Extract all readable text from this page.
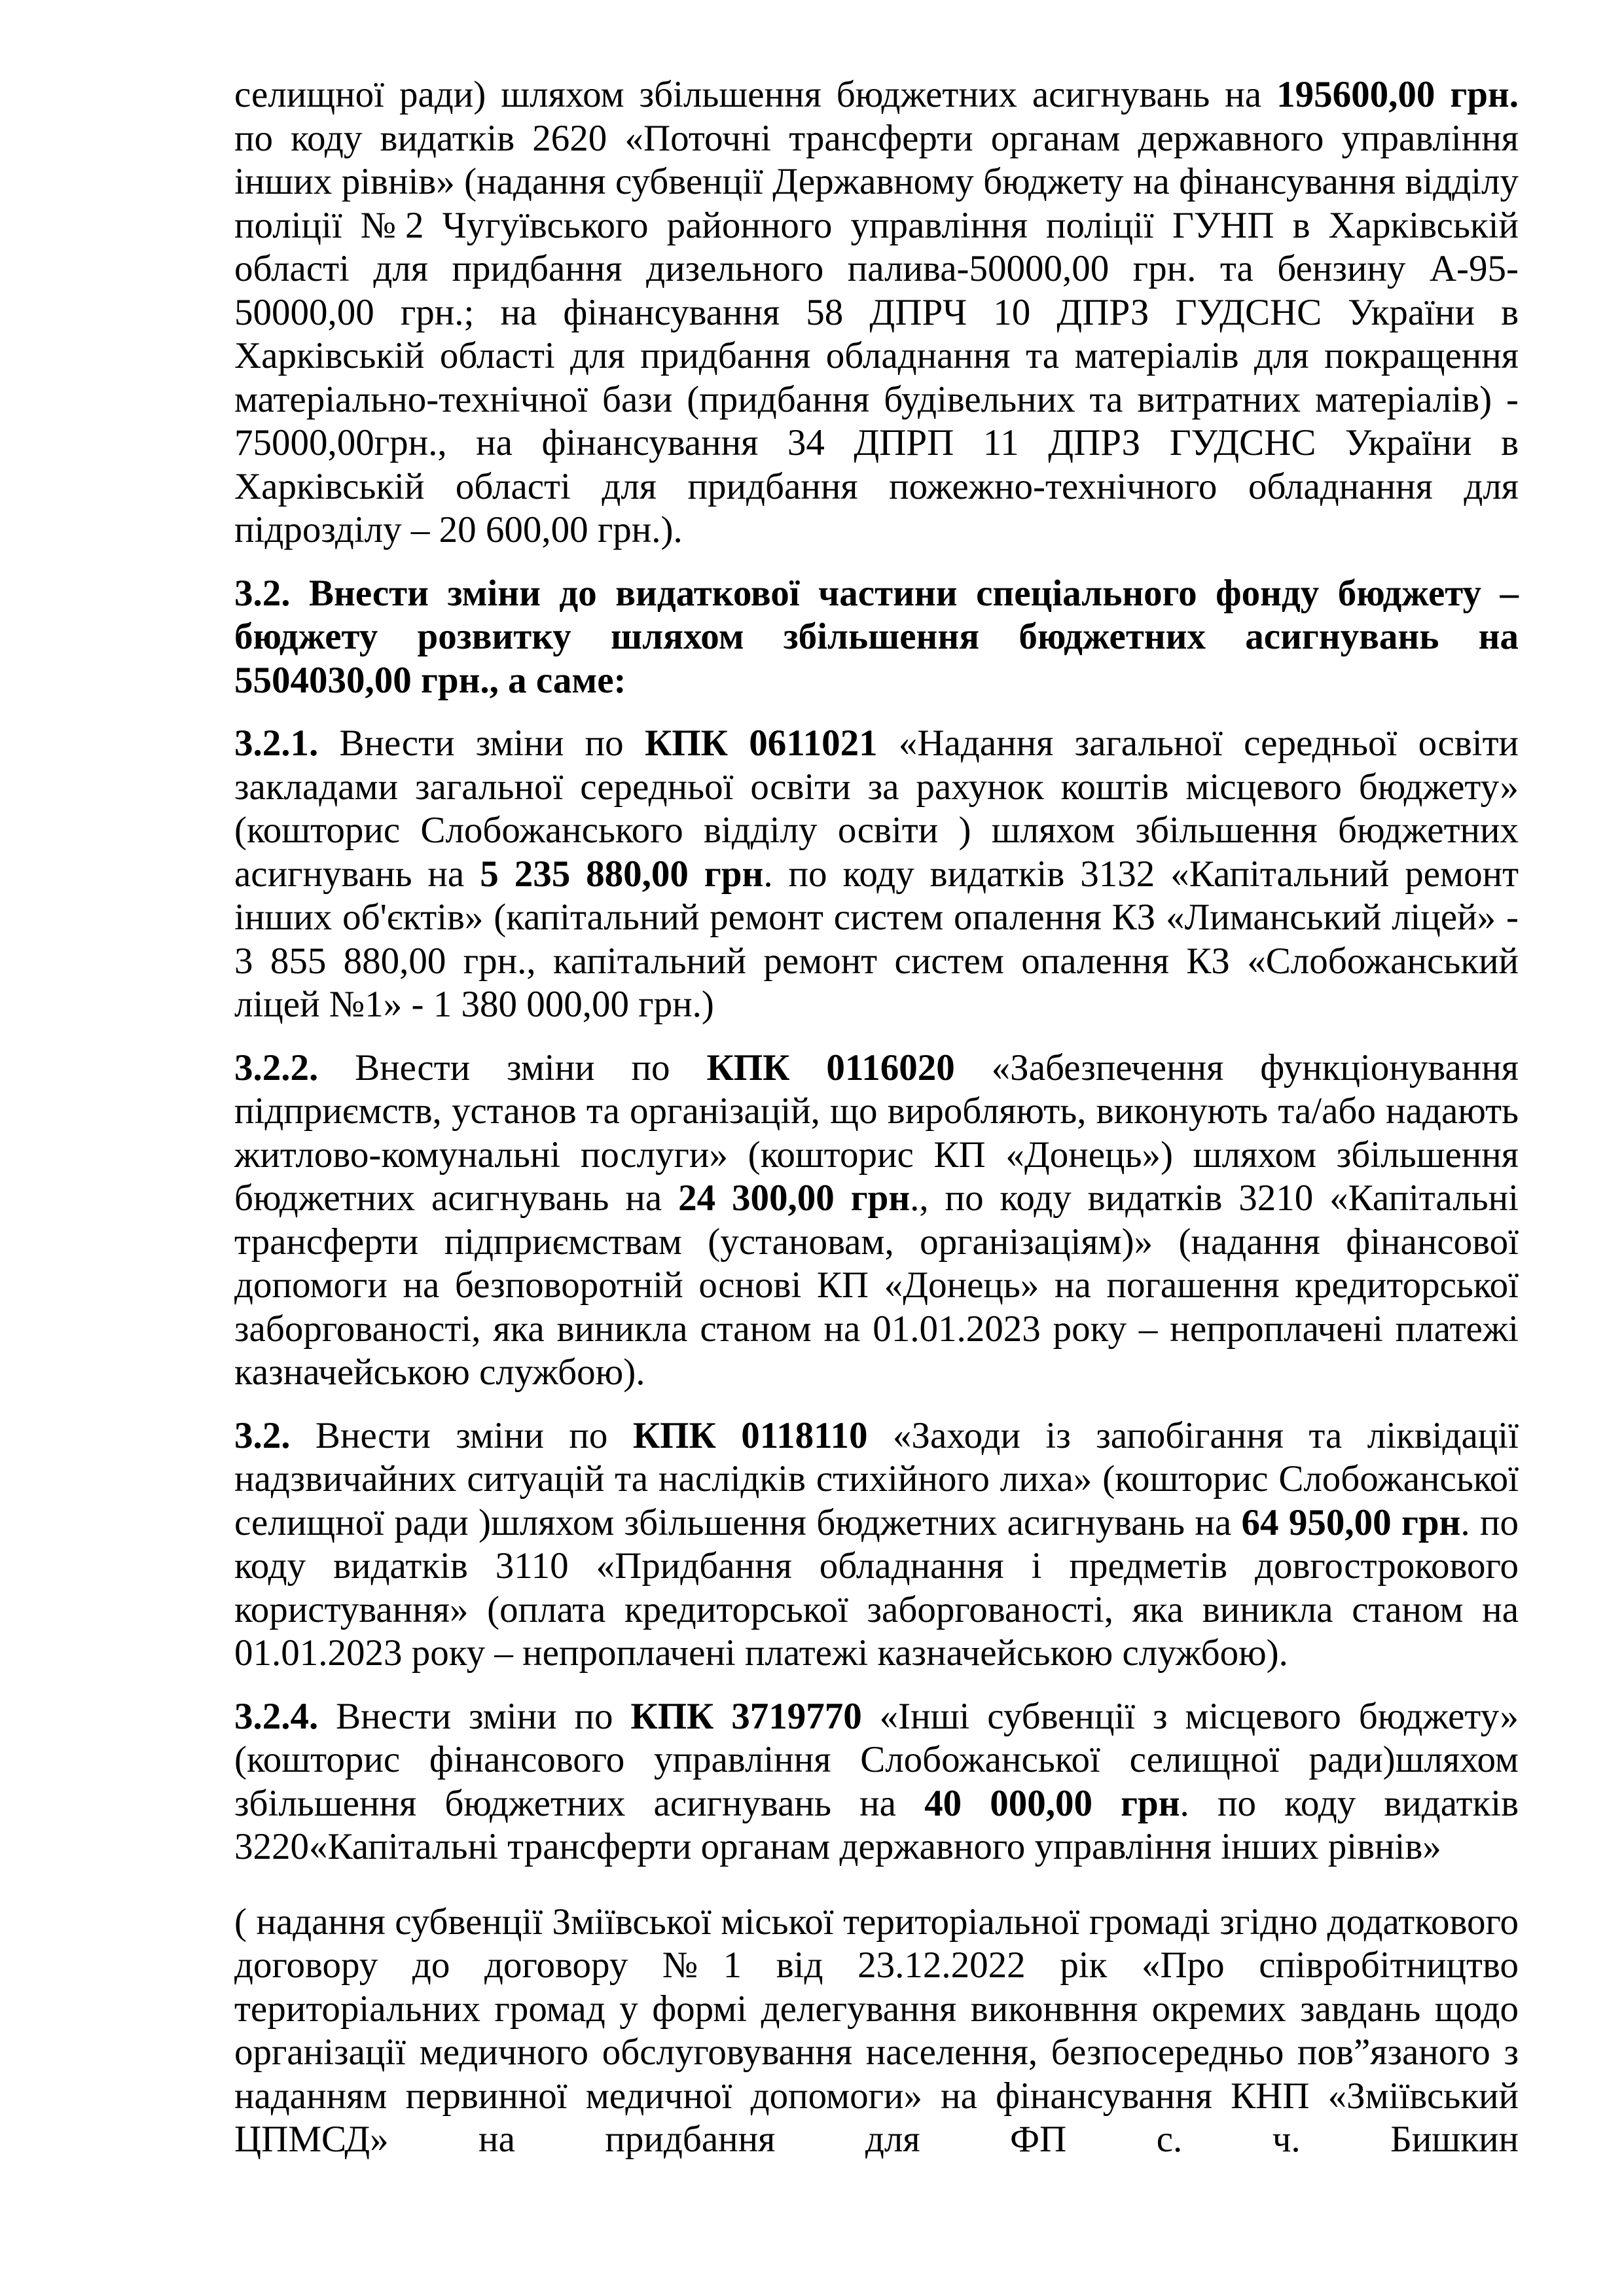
селищної ради) шляхом збільшення бюджетних асигнувань на 195600,00 грн. по коду видатків 2620 «Поточні трансферти органам державного управління інших рівнів» (надання субвенції Державному бюджету на фінансування відділу поліції №2 Чугуївського районного управління поліції ГУНП в Харківській області для придбання дизельного палива-50000,00 грн. та бензину А-95-50000,00 грн.; на фінансування 58 ДПРЧ 10 ДПРЗ ГУДСНС України в Харківській області для придбання обладнання та матеріалів для покращення матеріально-технічної бази (придбання будівельних та витратних матеріалів) - 75000,00грн., на фінансування 34 ДПРП 11 ДПРЗ ГУДСНС України в Харківській області для придбання пожежно-технічного обладнання для підрозділу – 20 600,00 грн.).

3.2. Внести зміни до видаткової частини спеціального фонду бюджету – бюджету розвитку шляхом збільшення бюджетних асигнувань на 5504030,00 грн., а саме:

3.2.1. Внести зміни по КПК 0611021 «Надання загальної середньої освіти закладами загальної середньої освіти за рахунок коштів місцевого бюджету» (кошторис Слобожанського відділу освіти ) шляхом збільшення бюджетних асигнувань на 5 235 880,00 грн. по коду видатків 3132 «Капітальний ремонт інших об'єктів» (капітальний ремонт систем опалення КЗ «Лиманський ліцей» - 3 855 880,00 грн., капітальний ремонт систем опалення КЗ «Слобожанський ліцей №1» - 1 380 000,00 грн.)

3.2.2. Внести зміни по КПК 0116020 «Забезпечення функціонування підприємств, установ та організацій, що виробляють, виконують та/або надають житлово-комунальні послуги» (кошторис КП «Донець») шляхом збільшення бюджетних асигнувань на 24 300,00 грн., по коду видатків 3210 «Капітальні трансферти підприємствам (установам, організаціям)» (надання фінансової допомоги на безповоротній основі КП «Донець» на погашення кредиторської заборгованості, яка виникла станом на 01.01.2023 року – непроплачені платежі казначейською службою).

3.2. Внести зміни по КПК 0118110 «Заходи із запобігання та ліквідації надзвичайних ситуацій та наслідків стихійного лиха» (кошторис Слобожанської селищної ради )шляхом збільшення бюджетних асигнувань на 64 950,00 грн. по коду видатків 3110 «Придбання обладнання і предметів довгострокового користування» (оплата кредиторської заборгованості, яка виникла станом на 01.01.2023 року – непроплачені платежі казначейською службою).

3.2.4. Внести зміни по КПК 3719770 «Інші субвенції з місцевого бюджету» (кошторис фінансового управління Слобожанської селищної ради)шляхом збільшення бюджетних асигнувань на 40 000,00 грн. по коду видатків 3220«Капітальні трансферти органам державного управління інших рівнів»

( надання субвенції Зміївської міської територіальної громаді згідно додаткового договору до договору №1 від 23.12.2022 рік «Про співробітництво територіальних громад у формі делегування виконвння окремих завдань щодо організації медичного обслуговування населення, безпосередньо пов”язаного з наданням первинної медичної допомоги» на фінансування КНП «Зміївський ЦПМСД» на придбання для ФП с. ч. Бишкин
